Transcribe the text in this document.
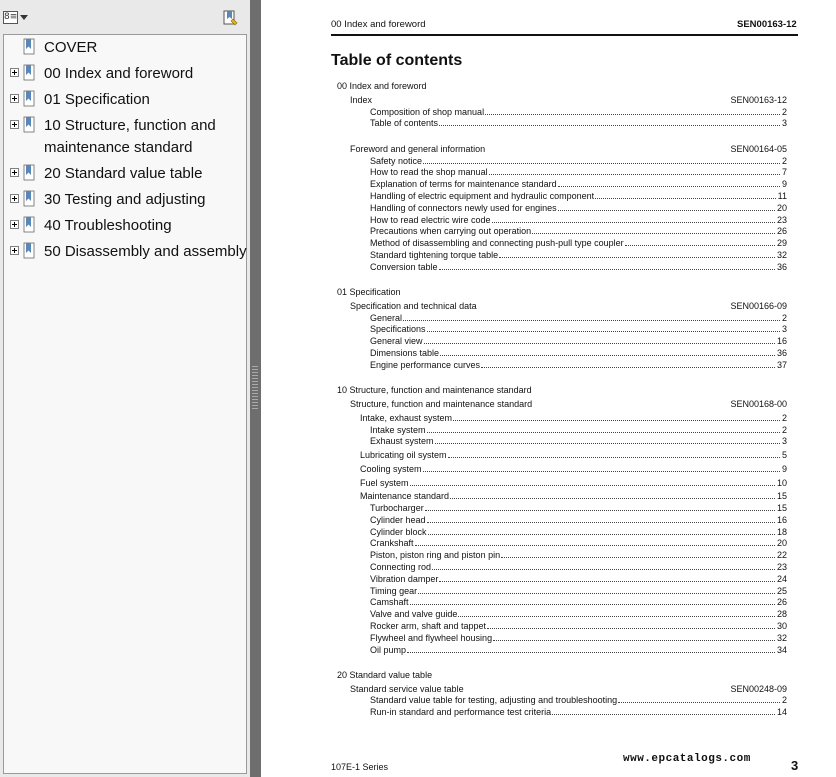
8≡
COVER
00 Index and foreword
01 Specification
10 Structure, function and
maintenance standard
20 Standard value table
30 Testing and adjusting
40 Troubleshooting
50 Disassembly and assembly
00 Index and foreword	SEN00163-12
Table of contents
00 Index and foreword
Index	SEN00163-12
Composition of shop manual	2
Table of contents	3
Foreword and general information	SEN00164-05
Safety notice	2
How to read the shop manual	7
Explanation of terms for maintenance standard	9
Handling of electric equipment and hydraulic component	11
Handling of connectors newly used for engines	20
How to read electric wire code	23
Precautions when carrying out operation	26
Method of disassembling and connecting push-pull type coupler	29
Standard tightening torque table	32
Conversion table	36
01 Specification
Specification and technical data	SEN00166-09
General	2
Specifications	3
General view	16
Dimensions table	36
Engine performance curves	37
10 Structure, function and maintenance standard
Structure, function and maintenance standard	SEN00168-00
Intake, exhaust system	2
Intake system	2
Exhaust system	3
Lubricating oil system	5
Cooling system	9
Fuel system	10
Maintenance standard	15
Turbocharger	15
Cylinder head	16
Cylinder block	18
Crankshaft	20
Piston, piston ring and piston pin	22
Connecting rod	23
Vibration damper	24
Timing gear	25
Camshaft	26
Valve and valve guide	28
Rocker arm, shaft and tappet	30
Flywheel and flywheel housing	32
Oil pump	34
20 Standard value table
Standard service value table	SEN00248-09
Standard value table for testing, adjusting and troubleshooting	2
Run-in standard and performance test criteria	14
107E-1 Series
www.epcatalogs.com	3
